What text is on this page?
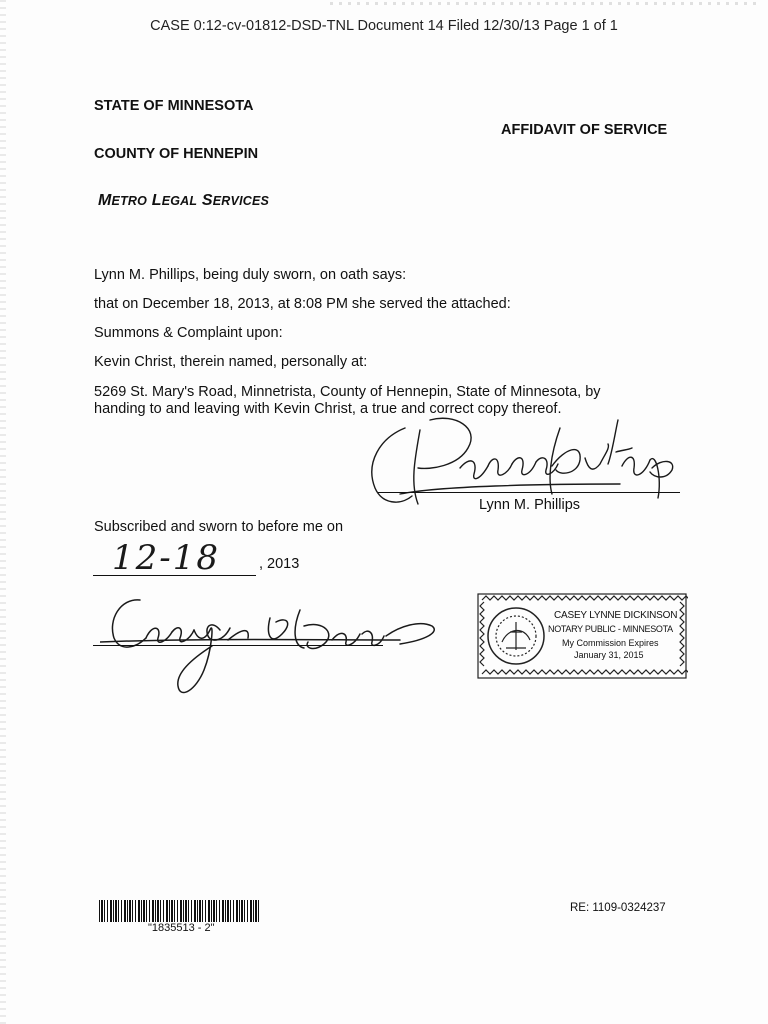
CASE 0:12-cv-01812-DSD-TNL Document 14 Filed 12/30/13 Page 1 of 1
STATE OF MINNESOTA
AFFIDAVIT OF SERVICE
COUNTY OF HENNEPIN
METRO LEGAL SERVICES
Lynn M. Phillips, being duly sworn, on oath says:
that on December 18, 2013, at 8:08 PM she served the attached:
Summons & Complaint upon:
Kevin Christ, therein named, personally at:
5269 St. Mary's Road, Minnetrista, County of Hennepin, State of Minnesota, by
handing to and leaving with Kevin Christ, a true and correct copy thereof.
Lynn M. Phillips
Subscribed and sworn to before me on
12-18	, 2013
CASEY LYNNE DICKINSON
NOTARY PUBLIC - MINNESOTA
My Commission Expires
January 31, 2015
"1835513 - 2"
RE: 1109-0324237
